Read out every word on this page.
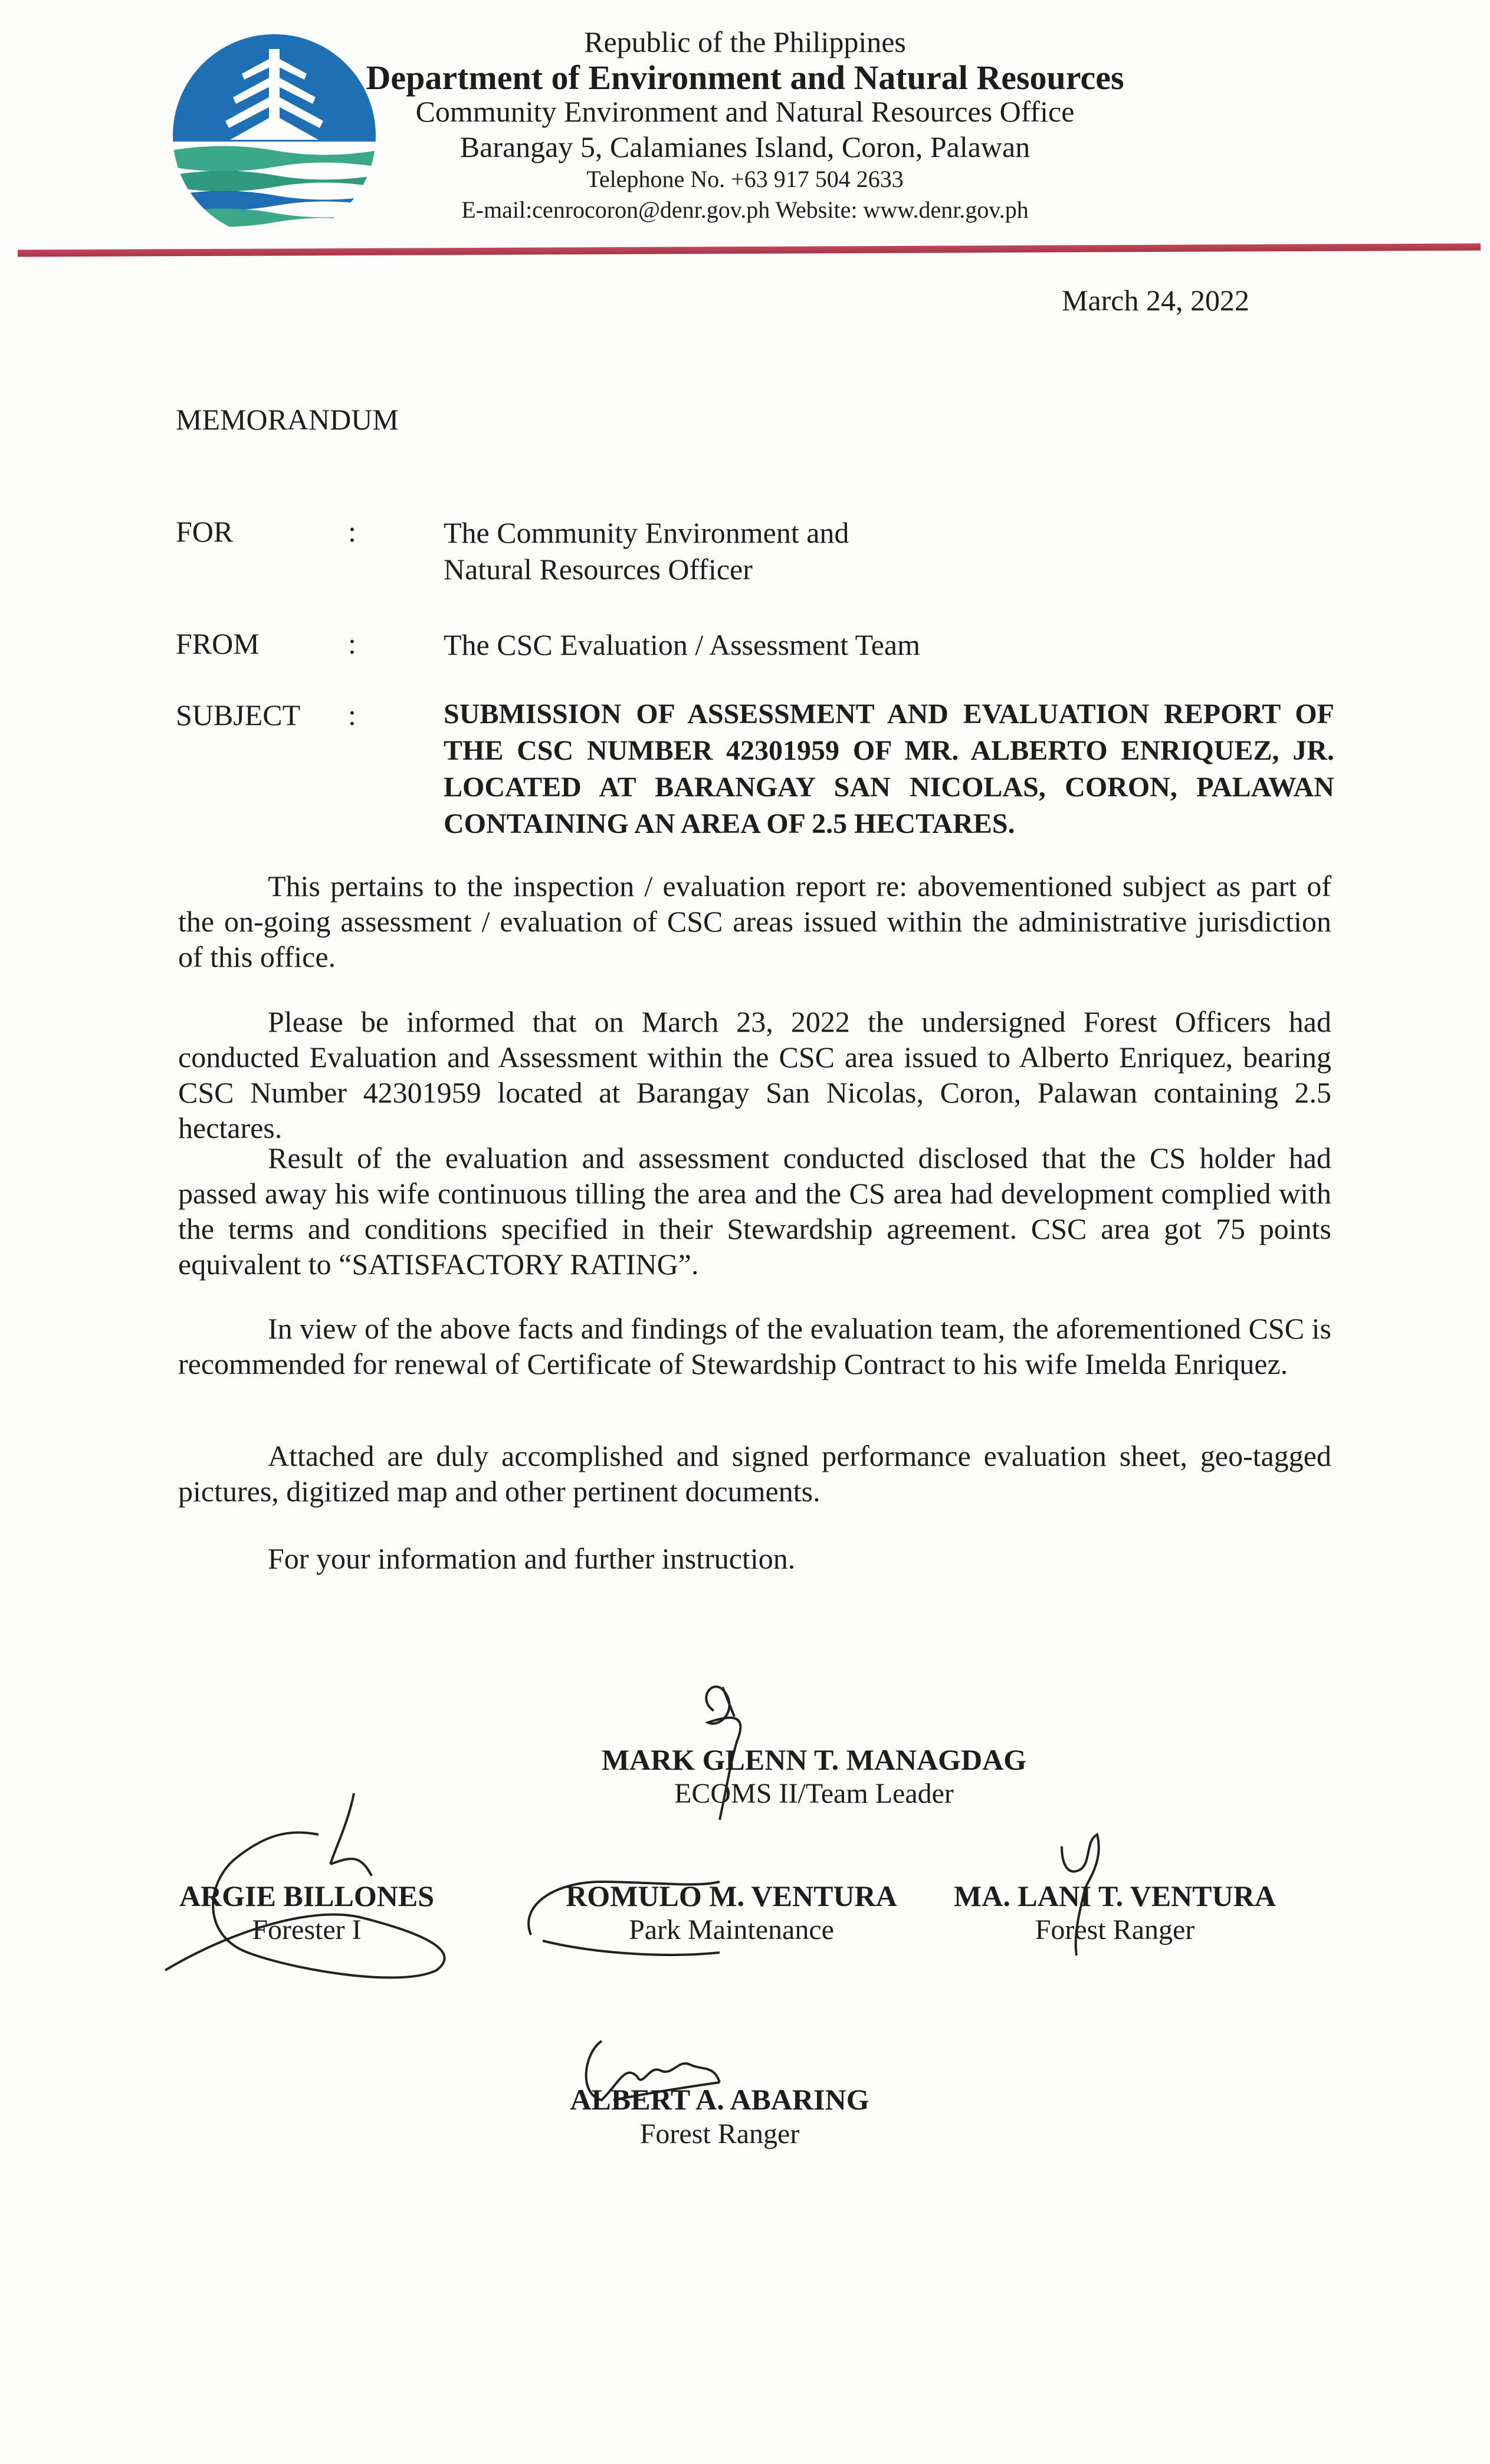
Republic of the Philippines
Department of Environment and Natural Resources
Community Environment and Natural Resources Office
Barangay 5, Calamianes Island, Coron, Palawan
Telephone No. +63 917 504 2633
E-mail:cenrocoron@denr.gov.ph Website: www.denr.gov.ph
March 24, 2022
MEMORANDUM
FOR	:	The Community Environment and Natural Resources Officer
FROM	:	The CSC Evaluation / Assessment Team
SUBJECT :	SUBMISSION OF ASSESSMENT AND EVALUATION REPORT OF THE CSC NUMBER 42301959 OF MR. ALBERTO ENRIQUEZ, JR. LOCATED AT BARANGAY SAN NICOLAS, CORON, PALAWAN CONTAINING AN AREA OF 2.5 HECTARES.
This pertains to the inspection / evaluation report re: abovementioned subject as part of the on-going assessment / evaluation of CSC areas issued within the administrative jurisdiction of this office.
Please be informed that on March 23, 2022 the undersigned Forest Officers had conducted Evaluation and Assessment within the CSC area issued to Alberto Enriquez, bearing CSC Number 42301959 located at Barangay San Nicolas, Coron, Palawan containing 2.5 hectares.
Result of the evaluation and assessment conducted disclosed that the CS holder had passed away his wife continuous tilling the area and the CS area had development complied with the terms and conditions specified in their Stewardship agreement. CSC area got 75 points equivalent to “SATISFACTORY RATING”.
In view of the above facts and findings of the evaluation team, the aforementioned CSC is recommended for renewal of Certificate of Stewardship Contract to his wife Imelda Enriquez.
Attached are duly accomplished and signed performance evaluation sheet, geo-tagged pictures, digitized map and other pertinent documents.
For your information and further instruction.
MARK GLENN T. MANAGDAG
ECOMS II/Team Leader
ARGIE BILLONES
Forester I
ROMULO M. VENTURA
Park Maintenance
MA. LANI T. VENTURA
Forest Ranger
ALBERT A. ABARING
Forest Ranger
